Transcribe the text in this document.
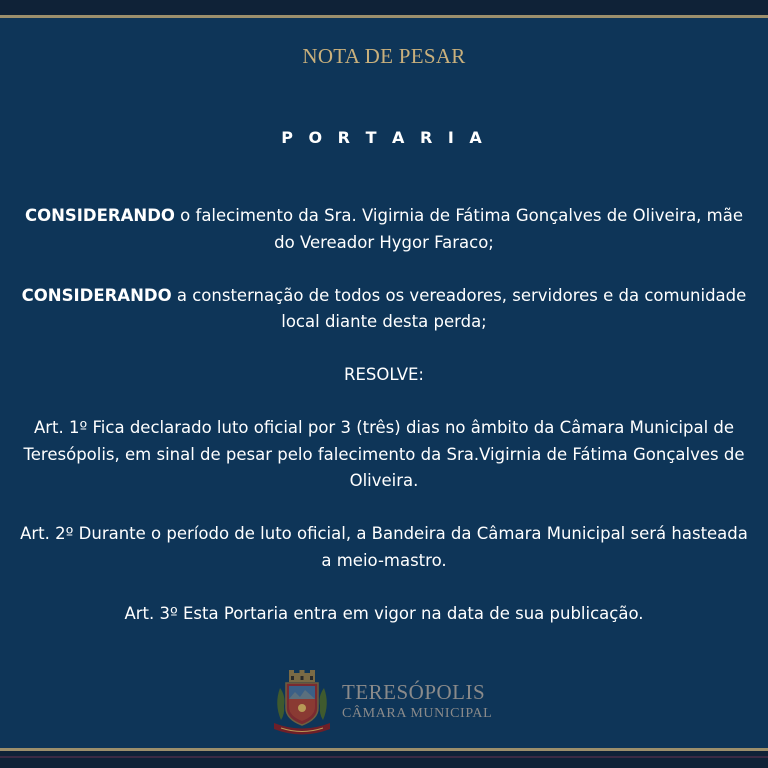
NOTA DE PESAR
P O R T A R I A

CONSIDERANDO o falecimento da Sra. Vigirnia de Fátima Gonçalves de Oliveira, mãe do Vereador Hygor Faraco;

CONSIDERANDO a consternação de todos os vereadores, servidores e da comunidade local diante desta perda;

RESOLVE:

Art. 1º Fica declarado luto oficial por 3 (três) dias no âmbito da Câmara Municipal de Teresópolis, em sinal de pesar pelo falecimento da Sra.Vigirnia de Fátima Gonçalves de Oliveira.

Art. 2º Durante o período de luto oficial, a Bandeira da Câmara Municipal será hasteada a meio-mastro.

Art. 3º Esta Portaria entra em vigor na data de sua publicação.

TERESÓPOLIS
CÂMARA MUNICIPAL
